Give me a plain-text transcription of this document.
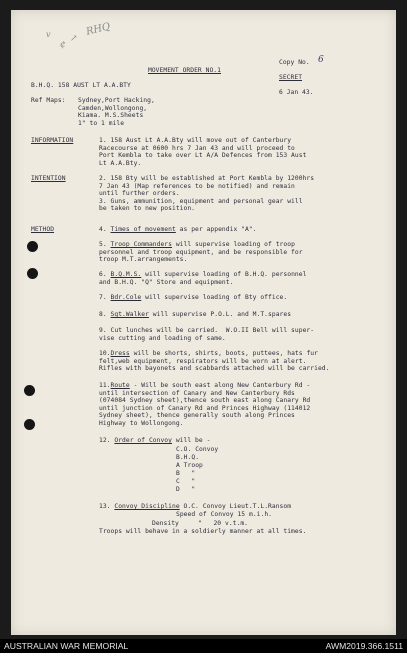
v	RHQ
↗
¢
Copy No. 6
MOVEMENT ORDER NO.1
SECRET
B.H.Q. 158 AUST LT A.A.BTY
6 Jan 43.
Ref Maps: Sydney,Port Hacking,
Camden,Wollongong,
Kiama. M.S.Sheets
1" to 1 mile
INFORMATION	1. 158 Aust Lt A.A.Bty will move out of Canterbury
Racecourse at 0600 hrs 7 Jan 43 and will proceed to
Port Kembla to take over Lt A/A Defences from 153 Aust
Lt A.A.Bty.
INTENTION	2. 158 Bty will be established at Port Kembla by 1200hrs
7 Jan 43 (Map references to be notified) and remain
until further orders.
3. Guns, ammunition, equipment and personal gear will
be taken to new position.
METHOD	4. Times of movement as per appendix "A".
5. Troop Commanders will supervise loading of troop
personnel and troop equipment, and be responsible for
troop M.T.arrangements.
6. B.Q.M.S. will supervise loading of B.H.Q. personnel
and B.H.Q. "Q" Store and equipment.
7. Bdr.Cole will supervise loading of Bty office.
8. Sgt.Walker will supervise P.O.L. and M.T.spares
9. Cut lunches will be carried.  W.O.II Bell will super-
vise cutting and loading of same.
10.Dress will be shorts, shirts, boots, puttees, hats fur
felt,web equipment, respirators will be worn at alert.
Rifles with bayonets and scabbards attached will be carried.
11.Route - Will be south east along New Canterbury Rd -
until intersection of Canary and New Canterbury Rds
(074084 Sydney sheet),thence south east along Canary Rd
until junction of Canary Rd and Princes Highway (114012
Sydney sheet), thence generally south along Princes
Highway to Wollongong.
12. Order of Convoy will be -
C.O. Convoy
B.H.Q.
A Troop
B   "
C   "
D   "
13. Convoy Discipline O.C. Convoy Lieut.T.L.Ransom
Speed of Convoy 15 m.i.h.
Density     "   20 v.t.m.
Troops will behave in a soldierly manner at all times.
AUSTRALIAN WAR MEMORIAL	AWM2019.366.1511
